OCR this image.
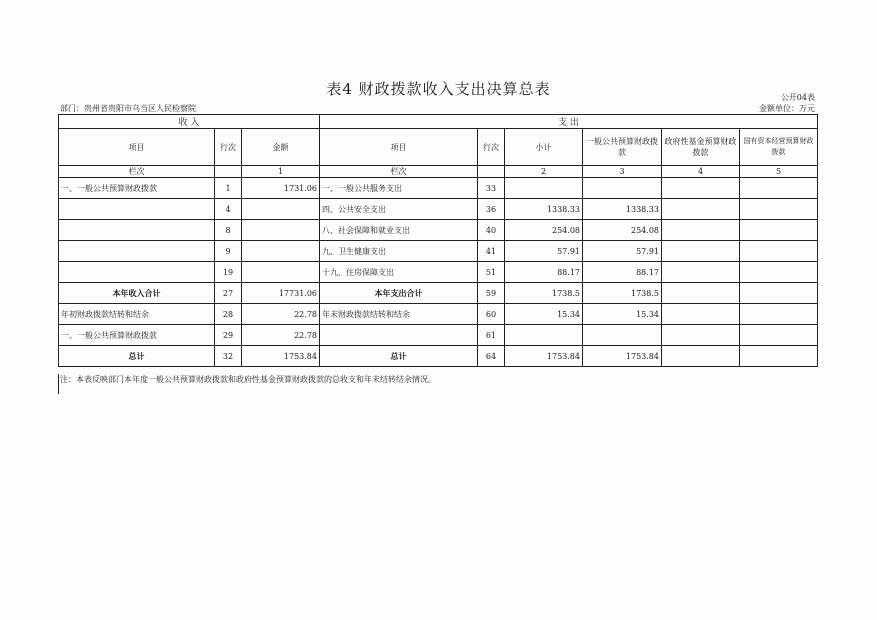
表4 财政拨款收入支出决算总表	公开04表
部门：贵州省贵阳市乌当区人民检察院	金额单位：万元
收 入			支 出					
项目	行次	金额	项目	行次	小计	一般公共预算财政拨款	政府性基金预算财政拨款	国有资本经营预算财政拨款
栏次		1	栏次		2	3	4	5
一、一般公共预算财政拨款	1	1731.06	一、一般公共服务支出	33				
	4		四、公共安全支出	36	1338.33	1338.33		
	8		八、社会保障和就业支出	40	254.08	254.08		
	9		九、卫生健康支出	41	57.91	57.91		
	19		十九、住房保障支出	51	88.17	88.17		
本年收入合计	27	17731.06	本年支出合计	59	1738.5	1738.5		
年初财政拨款结转和结余	28	22.78	年末财政拨款结转和结余	60	15.34	15.34		
一、一般公共预算财政拨款	29	22.78		61				
总计	32	1753.84	总计	64	1753.84	1753.84		
注：本表反映部门本年度一般公共预算财政拨款和政府性基金预算财政拨款的总收支和年末结转结余情况。
